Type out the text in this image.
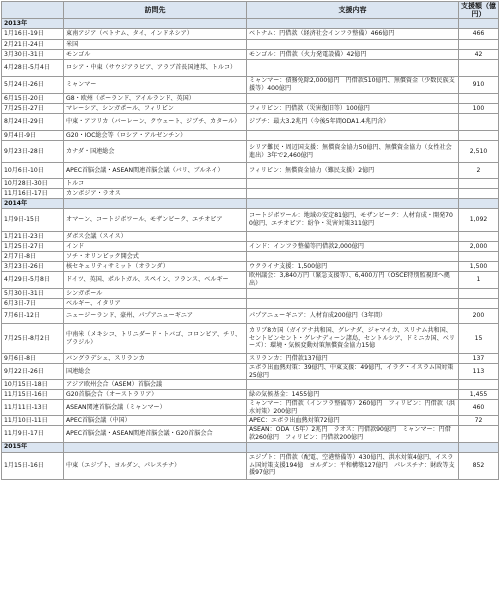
	訪問先	支援内容	支援額（億円）
2013年			
1月16日-19日	東南アジア（ベトナム、タイ、インドネシア）	ベトナム：円借款（経済社会インフラ整備）466億円	466
2月21日-24日	米国		
3月30日-31日	モンゴル	モンゴル：円借款（火力発電設備）42億円	42
4月28日-5月4日	ロシア・中東（サウジアラビア、アラブ首長国連邦、トルコ）		
5月24日-26日	ミャンマー	ミャンマー：債務免除2,000億円　円借款510億円、無償資金（少数民族支援等）400億円	910
6月15日-20日	G8・欧州（ポーランド、アイルランド、英国）		
7月25日-27日	マレーシア、シンガポール、フィリピン	フィリピン：円借款（災害復旧等）100億円	100
8月24日-29日	中東・アフリカ（バーレーン、クウェート、ジブチ、カタール）	ジブチ：最大3.2兆円（今後5年間ODA1.4兆円含）	
9月4日-9日	G20・IOC総会等（ロシア・アルゼンチン）		
9月23日-28日	カナダ・国連総会	シリア難民・周辺国支援：無償資金協力50億円、無償資金協力（女性社会進出）3年で2,460億円	2,510
10月6日-10日	APEC首脳会議・ASEAN関連首脳会議（バリ、ブルネイ）	フィリピン：無償資金協力（難民支援）2億円	2
10月28日-30日	トルコ		
11月16日-17日	カンボジア・ラオス		
2014年			
1月9日-15日	オマーン、コートジボワール、モザンビーク、エチオピア	コートジボワール：地域の安定81億円、モザンビーク：人材育成・開発700億円、エチオピア：紛争・災害対策311億円	1,092
1月21日-23日	ダボス会議（スイス）		
1月25日-27日	インド	インド：インフラ整備等円借款2,000億円	2,000
2月7日-8日	ソチ・オリンピック開会式		
3月23日-26日	核セキュリティサミット（オランダ）	ウクライナ支援：1,500億円	1,500
4月29日-5月8日	ドイツ、英国、ポルトガル、スペイン、フランス、ベルギー	欧州議会：3,840万円（緊急支援等）、6,400万円（OSCE特別監視団へ拠出）	1
5月30日-31日	シンガポール		
6月3日-7日	ベルギー、イタリア		
7月6日-12日	ニュージーランド、豪州、パプアニューギニア	パプアニューギニア：人材育成200億円（3年間）	200
7月25日-8月2日	中南米（メキシコ、トリニダード・トバゴ、コロンビア、チリ、ブラジル）	カリブ8カ国（ガイアナ共和国、グレナダ、ジャマイカ、スリナム共和国、セントビンセント・グレナディーン諸島、セントルシア、ドミニカ国、ベリーズ）：環境・気候変動対策無償資金協力15億	15
9月6日-8日	バングラデシュ、スリランカ	スリランカ：円借款137億円	137
9月22日-26日	国連総会	エボラ出血熱対策：39億円、中東支援：49億円、イラク・イスラム国対策25億円	113
10月15日-18日	アジア欧州会合（ASEM）首脳会議		
11月15日-16日	G20首脳会合（オーストラリア）	緑の気候基金：1455億円	1,455
11月11日-13日	ASEAN関連首脳会議（ミャンマー）	ミャンマー：円借款（インフラ整備等）260億円　フィリピン：円借款（洪水対策）200億円	460
11月10日-11日	APEC首脳会議（中国）	APEC：エボラ出血熱対策72億円	72
11月9日-17日	APEC首脳会議・ASEAN関連首脳会議・G20首脳会合	ASEAN：ODA（5年）2兆円　ラオス：円借款90億円　ミャンマー：円借款260億円　フィリピン：円借款200億円	
2015年			
1月15日-16日	中東（エジプト、ヨルダン、パレスチナ）	エジプト：円借款（配電、空港整備等）430億円、洪水対策4億円、イスラム国対策支援194億　ヨルダン：平和構築127億円　パレスチナ：財政等支援97億円	852
